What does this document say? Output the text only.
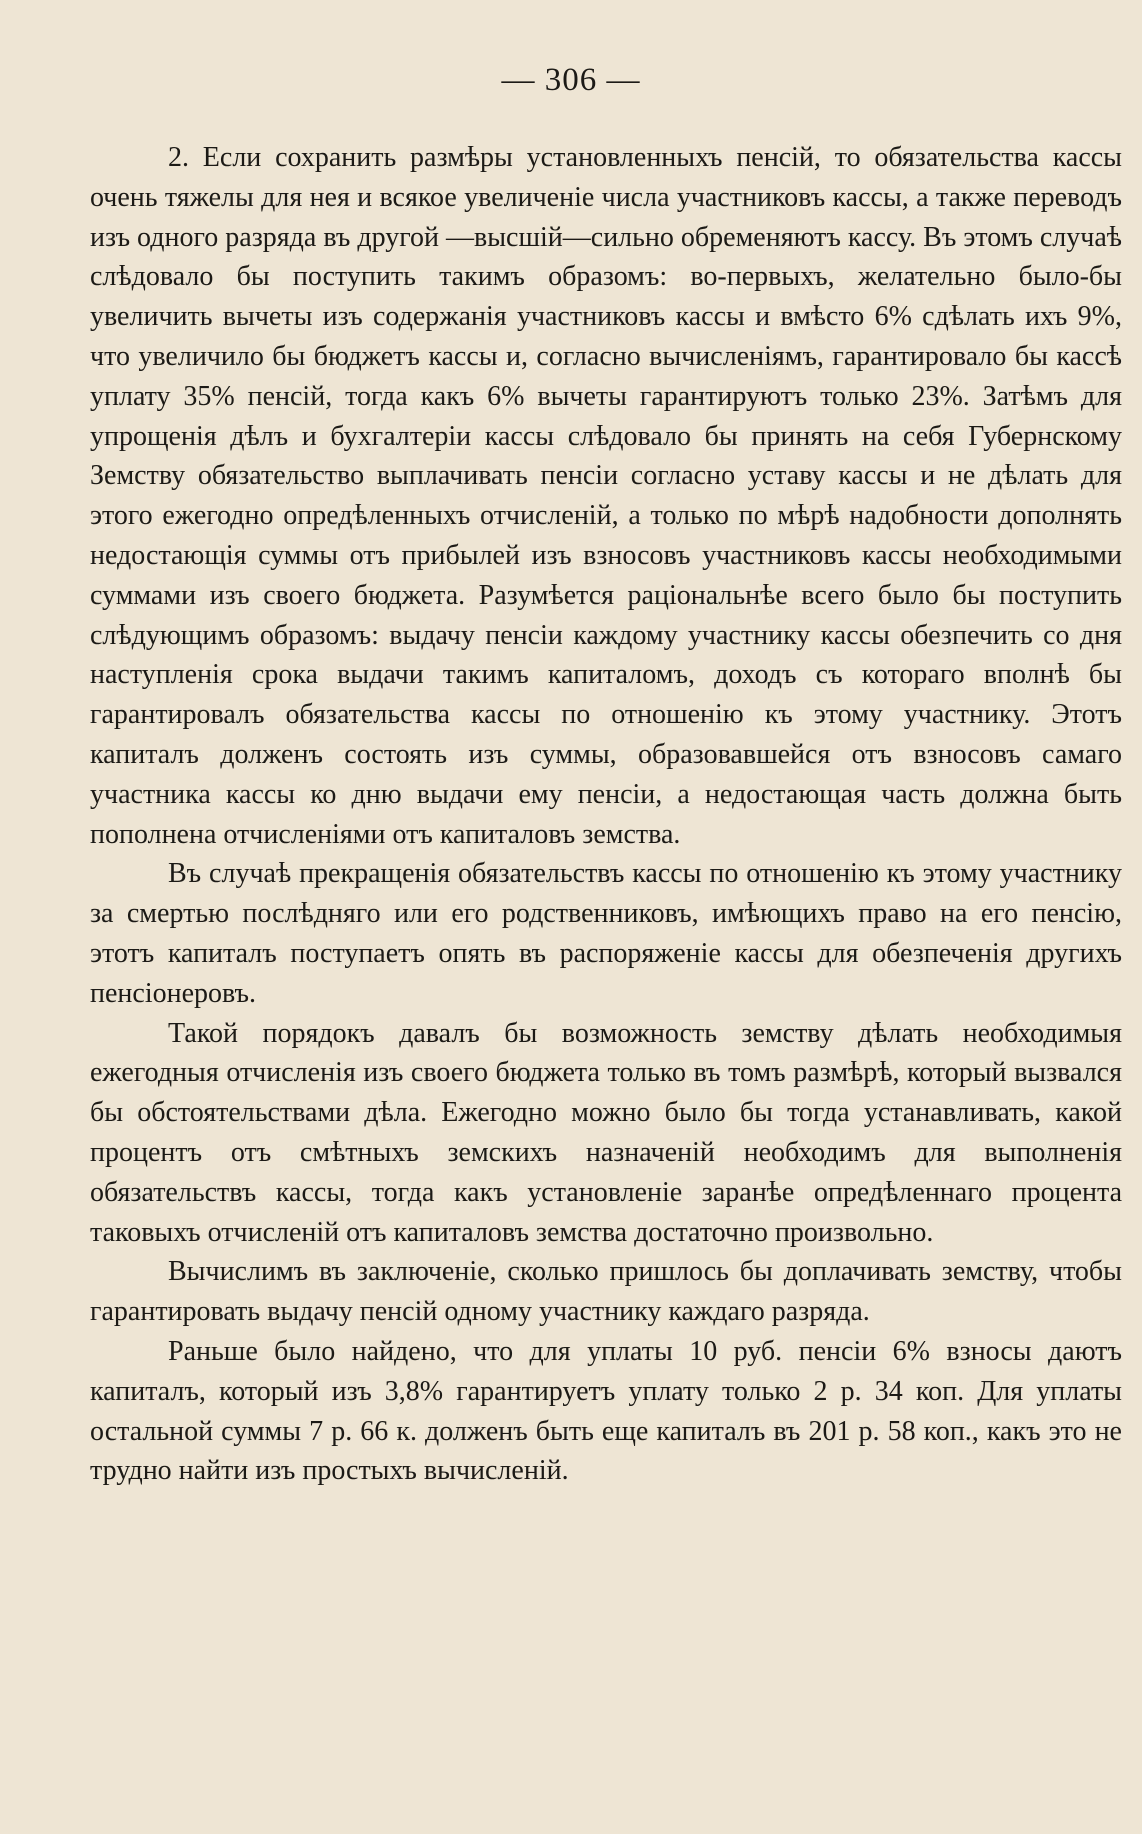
— 306 —

2. Если сохранить размѣры установленныхъ пенсій, то обязательства кассы очень тяжелы для нея и всякое увеличеніе числа участниковъ кассы, а также переводъ изъ одного разряда въ другой —высшій—сильно обременяютъ кассу. Въ этомъ случаѣ слѣдовало бы поступить такимъ образомъ: во-первыхъ, желательно было-бы увеличить вычеты изъ содержанія участниковъ кассы и вмѣсто 6% сдѣлать ихъ 9%, что увеличило бы бюджетъ кассы и, согласно вычисленіямъ, гарантировало бы кассѣ уплату 35% пенсій, тогда какъ 6% вычеты гарантируютъ только 23%. Затѣмъ для упрощенія дѣлъ и бухгалтеріи кассы слѣдовало бы принять на себя Губернскому Земству обязательство выплачивать пенсіи согласно уставу кассы и не дѣлать для этого ежегодно опредѣленныхъ отчисленій, а только по мѣрѣ надобности дополнять недостающія суммы отъ прибылей изъ взносовъ участниковъ кассы необходимыми суммами изъ своего бюджета. Разумѣется раціональнѣе всего было бы поступить слѣдующимъ образомъ: выдачу пенсіи каждому участнику кассы обезпечить со дня наступленія срока выдачи такимъ капиталомъ, доходъ съ котораго вполнѣ бы гарантировалъ обязательства кассы по отношенію къ этому участнику. Этотъ капиталъ долженъ состоять изъ суммы, образовавшейся отъ взносовъ самаго участника кассы ко дню выдачи ему пенсіи, а недостающая часть должна быть пополнена отчисленіями отъ капиталовъ земства.

Въ случаѣ прекращенія обязательствъ кассы по отношенію къ этому участнику за смертью послѣдняго или его родственниковъ, имѣющихъ право на его пенсію, этотъ капиталъ поступаетъ опять въ распоряженіе кассы для обезпеченія другихъ пенсіонеровъ.

Такой порядокъ давалъ бы возможность земству дѣлать необходимыя ежегодныя отчисленія изъ своего бюджета только въ томъ размѣрѣ, который вызвался бы обстоятельствами дѣла. Ежегодно можно было бы тогда устанавливать, какой процентъ отъ смѣтныхъ земскихъ назначеній необходимъ для выполненія обязательствъ кассы, тогда какъ установленіе заранѣе опредѣленнаго процента таковыхъ отчисленій отъ капиталовъ земства достаточно произвольно.

Вычислимъ въ заключеніе, сколько пришлось бы доплачивать земству, чтобы гарантировать выдачу пенсій одному участнику каждаго разряда.

Раньше было найдено, что для уплаты 10 руб. пенсіи 6% взносы даютъ капиталъ, который изъ 3,8% гарантируетъ уплату только 2 р. 34 коп. Для уплаты остальной суммы 7 р. 66 к. долженъ быть еще капиталъ въ 201 р. 58 коп., какъ это не трудно найти изъ простыхъ вычисленій.
